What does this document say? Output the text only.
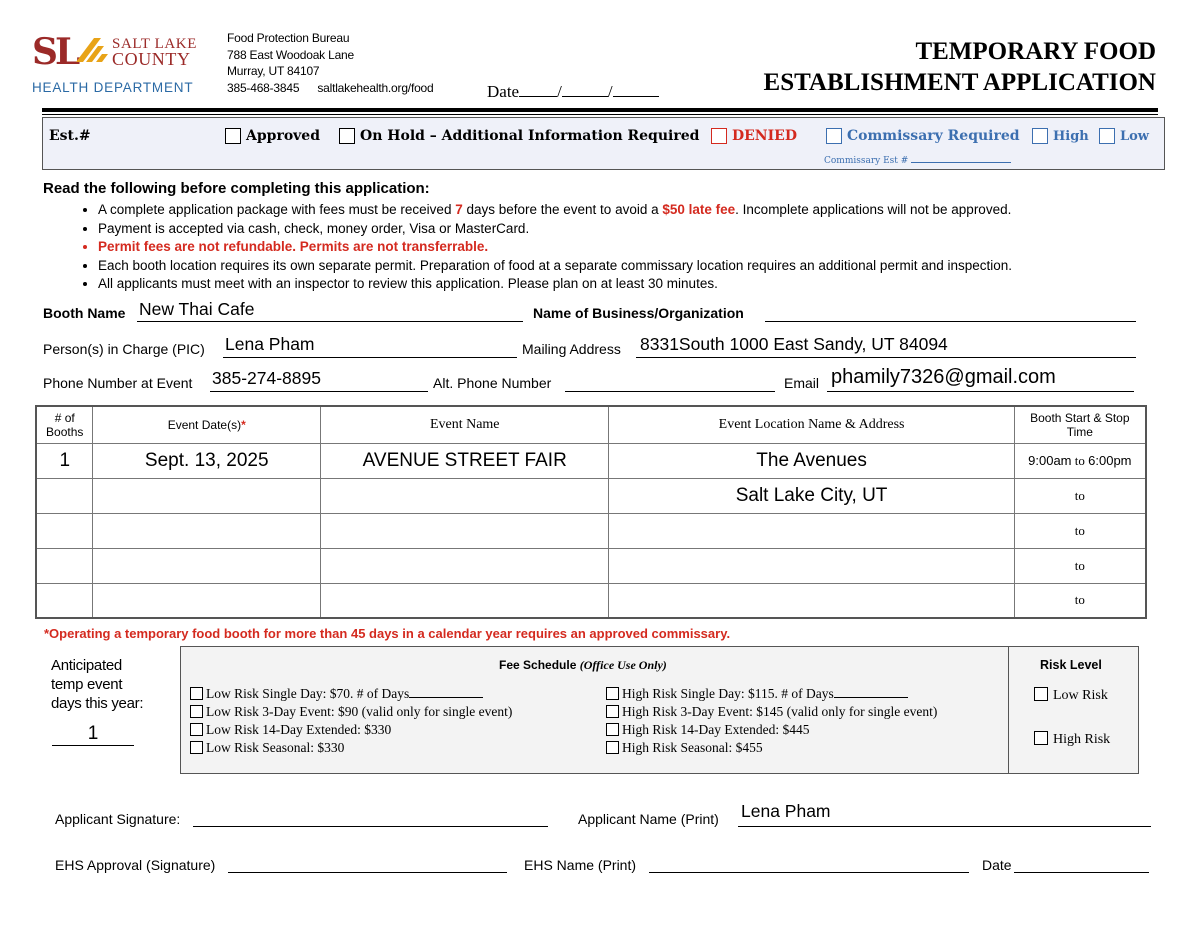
SL SALT LAKE
COUNTY
HEALTH DEPARTMENT
Food Protection Bureau
788 East Woodoak Lane
Murray, UT 84107
385-468-3845 saltlakehealth.org/food	Date /	/
TEMPORARY FOOD
ESTABLISHMENT APPLICATION
Est.#	Approved	On Hold – Additional Information Required DENIED	Commissary Required	High Low
Commissary Est #
Read the following before completing this application:
• A complete application package with fees must be received 7 days before the event to avoid a $50 late fee. Incomplete applications will not be approved.
• Payment is accepted via cash, check, money order, Visa or MasterCard.
• Permit fees are not refundable. Permits are not transferrable.
• Each booth location requires its own separate permit. Preparation of food at a separate commissary location requires an additional permit and inspection.
• All applicants must meet with an inspector to review this application. Please plan on at least 30 minutes.
Booth Name New Thai Cafe	Name of Business/Organization
Person(s) in Charge (PIC) Lena Pham	Mailing Address 8331South 1000 East Sandy, UT 84094
Phone Number at Event 385-274-8895	Alt. Phone Number	Email phamily7326@gmail.com
# of
Booths	Event Date(s)*	Event Name	Event Location Name & Address	Booth Start & Stop
Time
1	Sept. 13, 2025	AVENUE STREET FAIR	The Avenues	9:00am to 6:00pm
			Salt Lake City, UT	to
				to
				to
				to
*Operating a temporary food booth for more than 45 days in a calendar year requires an approved commissary.
Anticipated
temp event
days this year:
1
Fee Schedule (Office Use Only)	Risk Level
Low Risk Single Day: $70. # of Days
Low Risk 3-Day Event: $90 (valid only for single event)
Low Risk 14-Day Extended: $330
Low Risk Seasonal: $330
High Risk Single Day: $115. # of Days
High Risk 3-Day Event: $145 (valid only for single event)
High Risk 14-Day Extended: $445
High Risk Seasonal: $455
Low Risk
High Risk
Applicant Signature:	Applicant Name (Print) Lena Pham
EHS Approval (Signature)	EHS Name (Print)	Date
